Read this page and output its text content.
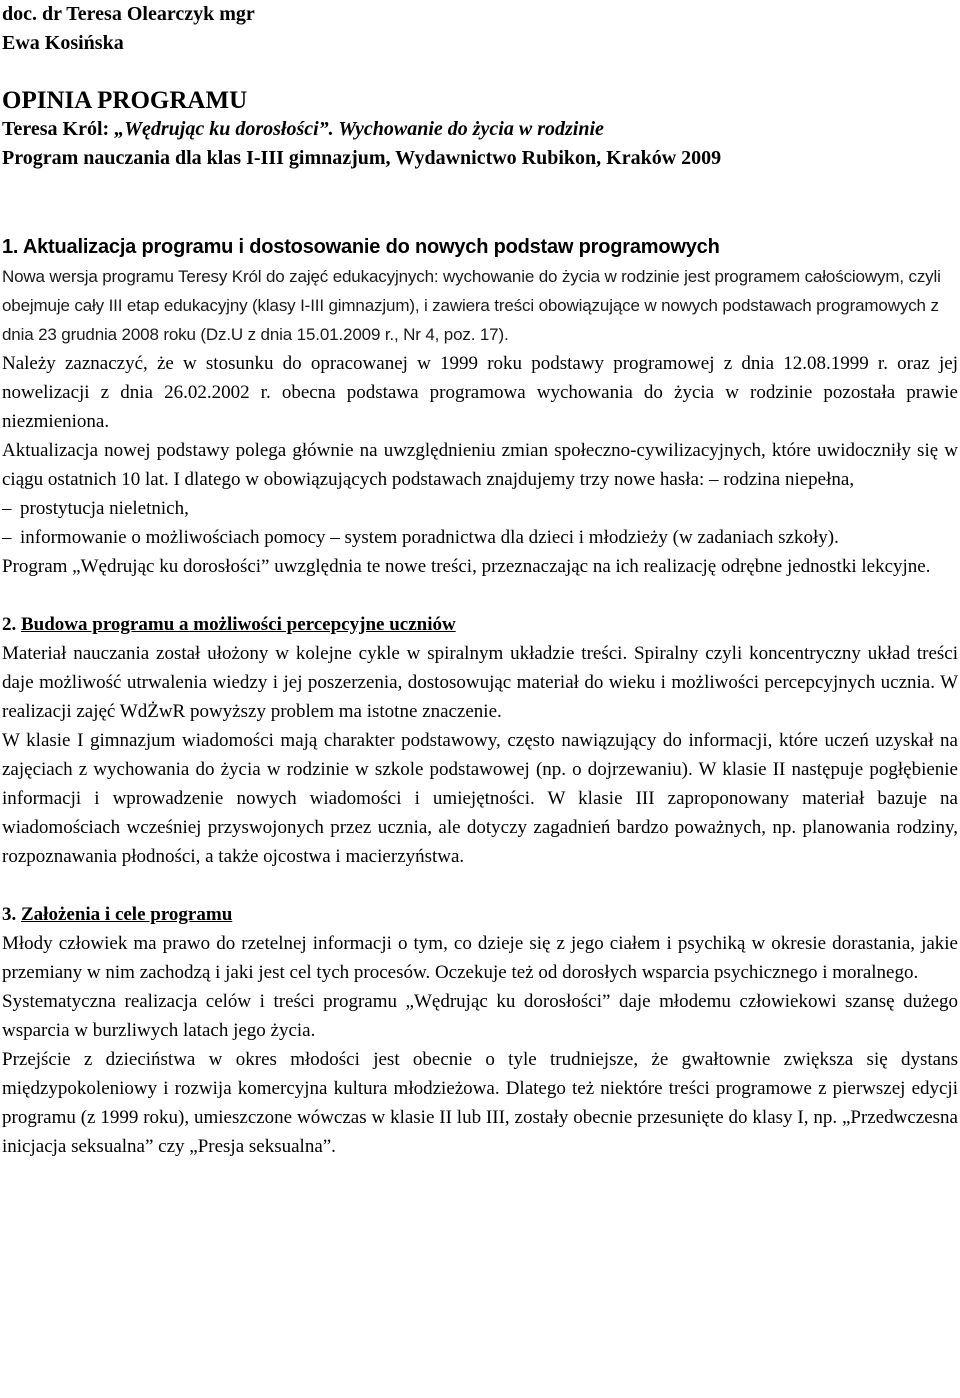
doc. dr Teresa Olearczyk mgr
Ewa Kosińska
OPINIA PROGRAMU
Teresa Król: „Wędrując ku dorosłości”. Wychowanie do życia w rodzinie
Program nauczania dla klas I-III gimnazjum, Wydawnictwo Rubikon, Kraków 2009
1. Aktualizacja programu i dostosowanie do nowych podstaw programowych

Nowa wersja programu Teresy Król do zajęć edukacyjnych: wychowanie do życia w rodzinie jest programem całościowym, czyli obejmuje cały III etap edukacyjny (klasy I-III gimnazjum), i zawiera treści obowiązujące w nowych podstawach programowych z dnia 23 grudnia 2008 roku (Dz.U z dnia 15.01.2009 r., Nr 4, poz. 17).

Należy zaznaczyć, że w stosunku do opracowanej w 1999 roku podstawy programowej z dnia 12.08.1999 r. oraz jej nowelizacji z dnia 26.02.2002 r. obecna podstawa programowa wychowania do życia w rodzinie pozostała prawie niezmieniona.

Aktualizacja nowej podstawy polega głównie na uwzględnieniu zmian społeczno-cywilizacyjnych, które uwidoczniły się w ciągu ostatnich 10 lat. I dlatego w obowiązujących podstawach znajdujemy trzy nowe hasła: – rodzina niepełna,

– prostytucja nieletnich,

– informowanie o możliwościach pomocy – system poradnictwa dla dzieci i młodzieży (w zadaniach szkoły).

Program „Wędrując ku dorosłości” uwzględnia te nowe treści, przeznaczając na ich realizację odrębne jednostki lekcyjne.

2. Budowa programu a możliwości percepcyjne uczniów

Materiał nauczania został ułożony w kolejne cykle w spiralnym układzie treści. Spiralny czyli koncentryczny układ treści daje możliwość utrwalenia wiedzy i jej poszerzenia, dostosowując materiał do wieku i możliwości percepcyjnych ucznia. W realizacji zajęć WdŻwR powyższy problem ma istotne znaczenie.

W klasie I gimnazjum wiadomości mają charakter podstawowy, często nawiązujący do informacji, które uczeń uzyskał na zajęciach z wychowania do życia w rodzinie w szkole podstawowej (np. o dojrzewaniu). W klasie II następuje pogłębienie informacji i wprowadzenie nowych wiadomości i umiejętności. W klasie III zaproponowany materiał bazuje na wiadomościach wcześniej przyswojonych przez ucznia, ale dotyczy zagadnień bardzo poważnych, np. planowania rodziny, rozpoznawania płodności, a także ojcostwa i macierzyństwa.

3. Założenia i cele programu

Młody człowiek ma prawo do rzetelnej informacji o tym, co dzieje się z jego ciałem i psychiką w okresie dorastania, jakie przemiany w nim zachodzą i jaki jest cel tych procesów. Oczekuje też od dorosłych wsparcia psychicznego i moralnego.

Systematyczna realizacja celów i treści programu „Wędrując ku dorosłości” daje młodemu człowiekowi szansę dużego wsparcia w burzliwych latach jego życia.

Przejście z dzieciństwa w okres młodości jest obecnie o tyle trudniejsze, że gwałtownie zwiększa się dystans międzypokoleniowy i rozwija komercyjna kultura młodzieżowa. Dlatego też niektóre treści programowe z pierwszej edycji programu (z 1999 roku), umieszczone wówczas w klasie II lub III, zostały obecnie przesunięte do klasy I, np. „Przedwczesna inicjacja seksualna” czy „Presja seksualna”.
